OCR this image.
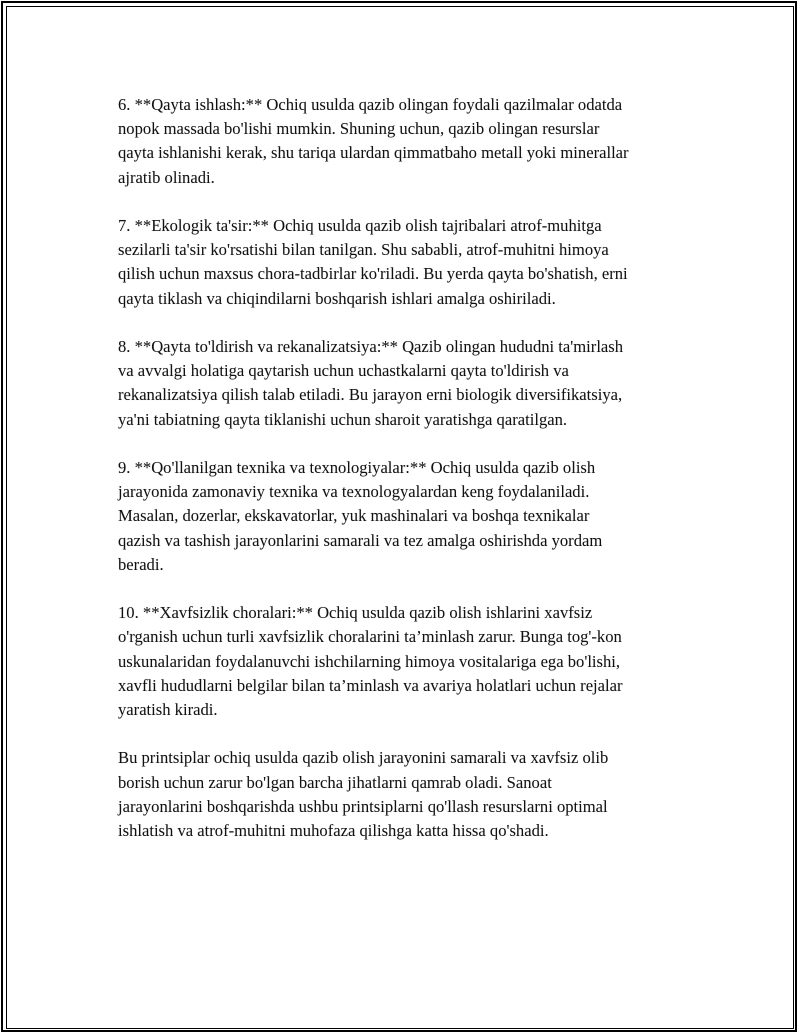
6. **Qayta ishlash:** Ochiq usulda qazib olingan foydali qazilmalar odatda
nopok massada bo'lishi mumkin. Shuning uchun, qazib olingan resurslar
qayta ishlanishi kerak, shu tariqa ulardan qimmatbaho metall yoki minerallar
ajratib olinadi.

7. **Ekologik ta'sir:** Ochiq usulda qazib olish tajribalari atrof-muhitga
sezilarli ta'sir ko'rsatishi bilan tanilgan. Shu sababli, atrof-muhitni himoya
qilish uchun maxsus chora-tadbirlar ko'riladi. Bu yerda qayta bo'shatish, erni
qayta tiklash va chiqindilarni boshqarish ishlari amalga oshiriladi.

8. **Qayta to'ldirish va rekanalizatsiya:** Qazib olingan hududni ta'mirlash
va avvalgi holatiga qaytarish uchun uchastkalarni qayta to'ldirish va
rekanalizatsiya qilish talab etiladi. Bu jarayon erni biologik diversifikatsiya,
ya'ni tabiatning qayta tiklanishi uchun sharoit yaratishga qaratilgan.

9. **Qo'llanilgan texnika va texnologiyalar:** Ochiq usulda qazib olish
jarayonida zamonaviy texnika va texnologyalardan keng foydalaniladi.
Masalan, dozerlar, ekskavatorlar, yuk mashinalari va boshqa texnikalar
qazish va tashish jarayonlarini samarali va tez amalga oshirishda yordam
beradi.

10. **Xavfsizlik choralari:** Ochiq usulda qazib olish ishlarini xavfsiz
o'rganish uchun turli xavfsizlik choralarini ta’minlash zarur. Bunga tog'-kon
uskunalaridan foydalanuvchi ishchilarning himoya vositalariga ega bo'lishi,
xavfli hududlarni belgilar bilan ta’minlash va avariya holatlari uchun rejalar
yaratish kiradi.

Bu printsiplar ochiq usulda qazib olish jarayonini samarali va xavfsiz olib
borish uchun zarur bo'lgan barcha jihatlarni qamrab oladi. Sanoat
jarayonlarini boshqarishda ushbu printsiplarni qo'llash resurslarni optimal
ishlatish va atrof-muhitni muhofaza qilishga katta hissa qo'shadi.
